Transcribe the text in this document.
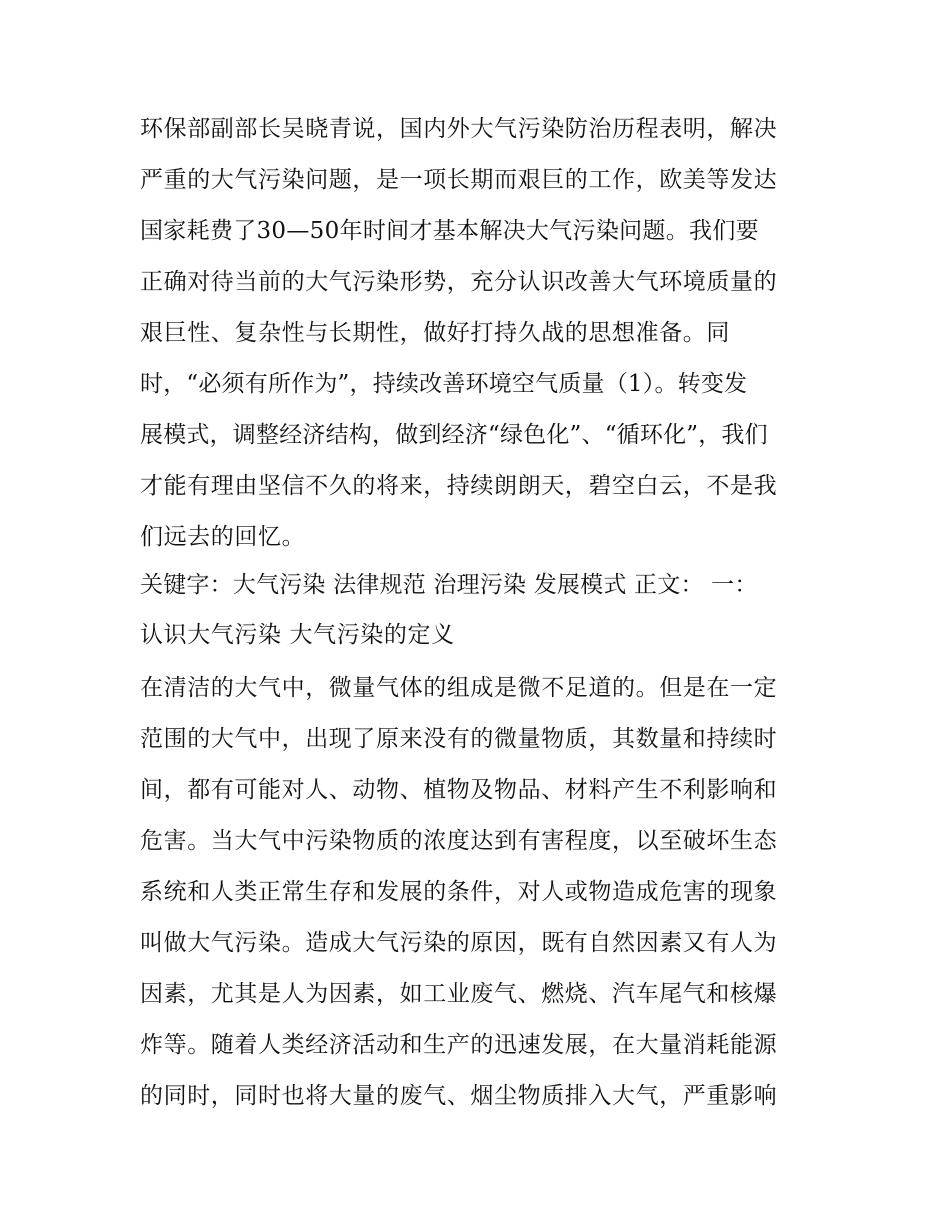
环保部副部长吴晓青说，国内外大气污染防治历程表明，解决
严重的大气污染问题，是一项长期而艰巨的工作，欧美等发达
国家耗费了30—50年时间才基本解决大气污染问题。我们要
正确对待当前的大气污染形势，充分认识改善大气环境质量的
艰巨性、复杂性与长期性，做好打持久战的思想准备。同
时，“必须有所作为”，持续改善环境空气质量（1）。转变发
展模式，调整经济结构，做到经济“绿色化”、“循环化”，我们
才能有理由坚信不久的将来，持续朗朗天，碧空白云，不是我
们远去的回忆。
关键字：大气污染 法律规范 治理污染 发展模式 正文： 一：
认识大气污染 大气污染的定义
在清洁的大气中，微量气体的组成是微不足道的。但是在一定
范围的大气中，出现了原来没有的微量物质，其数量和持续时
间，都有可能对人、动物、植物及物品、材料产生不利影响和
危害。当大气中污染物质的浓度达到有害程度，以至破坏生态
系统和人类正常生存和发展的条件，对人或物造成危害的现象
叫做大气污染。造成大气污染的原因，既有自然因素又有人为
因素，尤其是人为因素，如工业废气、燃烧、汽车尾气和核爆
炸等。随着人类经济活动和生产的迅速发展，在大量消耗能源
的同时，同时也将大量的废气、烟尘物质排入大气，严重影响
